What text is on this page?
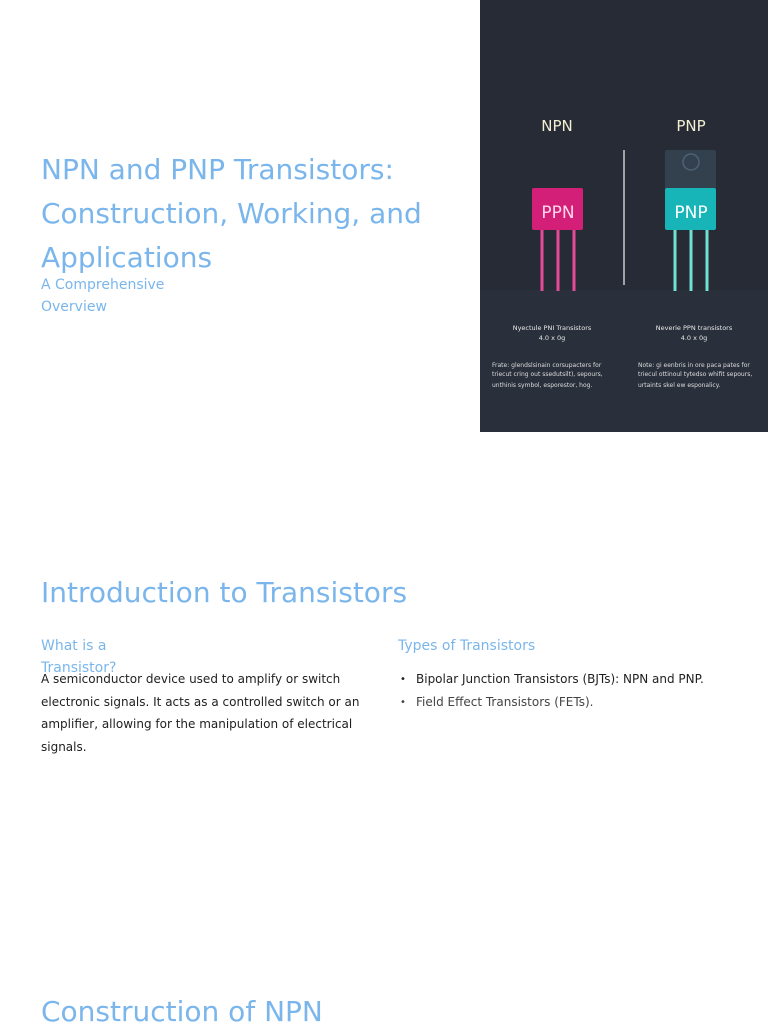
NPN and PNP Transistors: Construction, Working, and Applications
A Comprehensive Overview
NPN	PNP
PPN	PNP
Nyectule PNI Transistors
4.0 x 0g
Neverie PPN transistors
4.0 x 0g
Frate: glendslsinain corsupacters for
triecut cring out ssedutsilt), sepours,
unthinis symbol, esporestor, hog.
Note: gi eenbris in ore paca pates for
triecul ottinoul tytedso whifit sepours,
urtaints skel ew esponalicy.
Introduction to Transistors
What is a Transistor?

A semiconductor device used to amplify or switch electronic signals. It acts as a controlled switch or an amplifier, allowing for the manipulation of electrical signals.

Types of Transistors
• Bipolar Junction Transistors (BJTs): NPN and PNP.
• Field Effect Transistors (FETs).
Construction of NPN
